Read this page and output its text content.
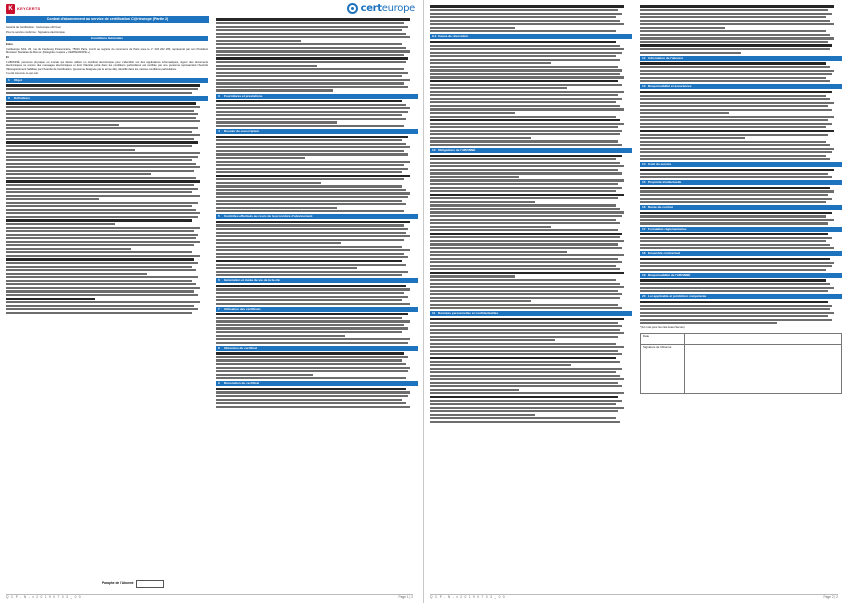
K	KEYCERTS	certeurope
Contrat d'abonnement au service de certification C@rteurope (Partie 2)
Autorité de Certification : Certeurope eID User
Pour le service conforme : Signature électronique
Conditions Générales
Entre
CertEurope SAS, 26, rue du Faubourg Poissonnière, 75010 Paris, inscrit au registre du commerce de Paris sous le n° 434 202 180, représenté par son Président Monsieur Stanislas de Rémur, (Désignée ci-après « CERTEUROPE »)
Et
L'ABONNÉ, personne physique ou morale qui désire utiliser un certificat électronique pour s'identifier sur des applications informatiques, signer des documents électroniques ou encore des messages électroniques et dont l'identité porté dans les conditions particulières est certifiée par une personne représentant l'Autorité d'Enregistrement habilitée par l'Autorité de Certification, (personne désignée par le terme AE), identifié dans les mêmes conditions particulières.
Il a été convenu ce qui suit.
1 Objet
2 Définitions
3 Fournitures et prestations
4 Dossier de souscription
5 Contrôles effectués au cours de la procédure d'abonnement
6 Génération et durée de vie de la bi-clé
7 Utilisation des certificats
8 Obtention du certificat
9 Révocation du certificat
Paraphe de l'Abonné
Q C P - N - v 2 0 1 9 0 7 0 3 _ 0 0	Page 1 | 2
9.2 Cause de révocation
10 Obligations de l'ABONNÉ
11 Données personnelles et confidentialités
12 Information de l'abonné
13 Responsabilité et assurances
14 Coût du service
15 Propriété intellectuelle
16 Durée du contrat
17 Formalités réglementaires
18 Ensemble contractuel
19 Responsabilité de l'ABONNÉ
20 Loi applicable et juridiction compétente
*(12 mois pour les clés Avast Secure)
Date
Signature de l'Abonné
Q C P - N - v 2 0 1 9 0 7 0 3 _ 0 0	Page 2 | 2
